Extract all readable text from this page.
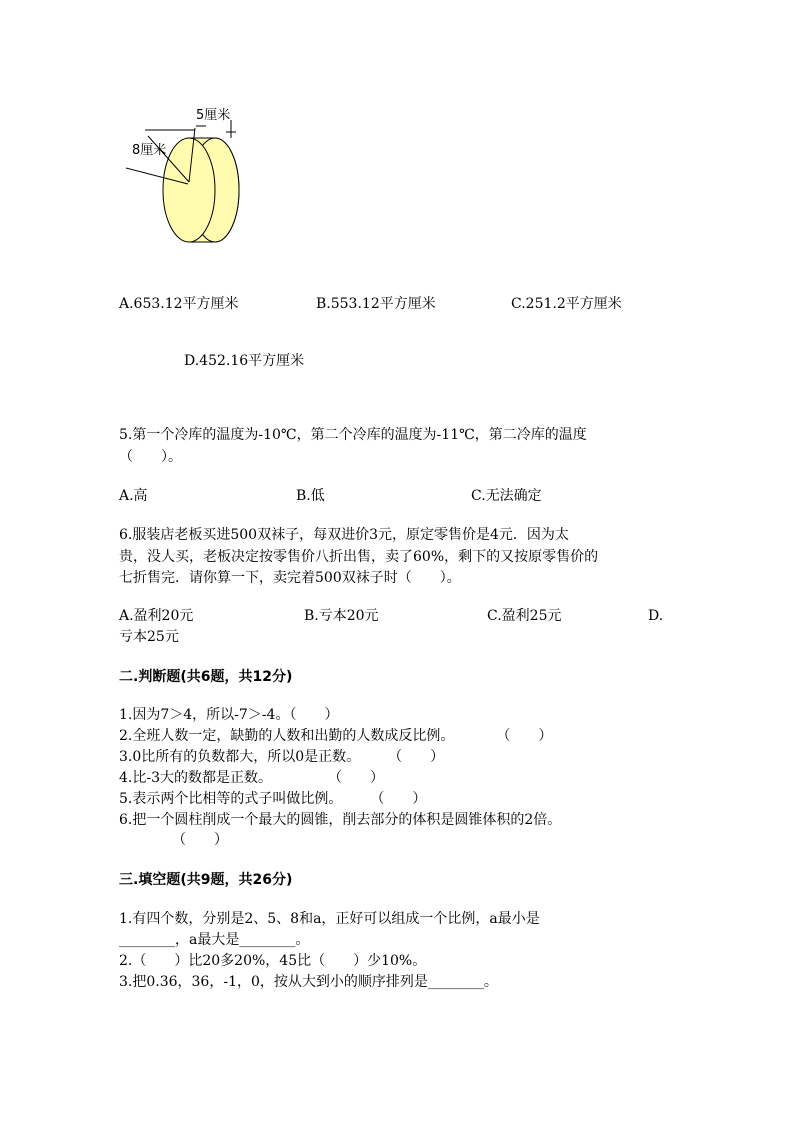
5厘米
8厘米
A.653.12平方厘米	B.553.12平方厘米	C.251.2平方厘米
D.452.16平方厘米
5.第一个冷库的温度为-10℃，第二个冷库的温度为-11℃，第二冷库的温度
（　　）。
A.高	B.低	C.无法确定
6.服装店老板买进500双袜子，每双进价3元，原定零售价是4元．因为太
贵，没人买，老板决定按零售价八折出售，卖了60%，剩下的又按原零售价的
七折售完．请你算一下，卖完着500双袜子时（　　）。
A.盈利20元	B.亏本20元	C.盈利25元	D.
亏本25元
二.判断题(共6题，共12分)
1.因为7＞4，所以-7＞-4。（　　）
2.全班人数一定，缺勤的人数和出勤的人数成反比例。　　　　（　　）
3.0比所有的负数都大，所以0是正数。　　　（　　）
4.比-3大的数都是正数。　　　　　（　　）
5.表示两个比相等的式子叫做比例。　　　（　　）
6.把一个圆柱削成一个最大的圆锥，削去部分的体积是圆锥体积的2倍。
（　　）
三.填空题(共9题，共26分)
1.有四个数，分别是2、5、8和a，正好可以组成一个比例，a最小是
________，a最大是________。
2.（　　）比20多20%，45比（　　）少10%。
3.把0.36，36，-1，0，按从大到小的顺序排列是________。
